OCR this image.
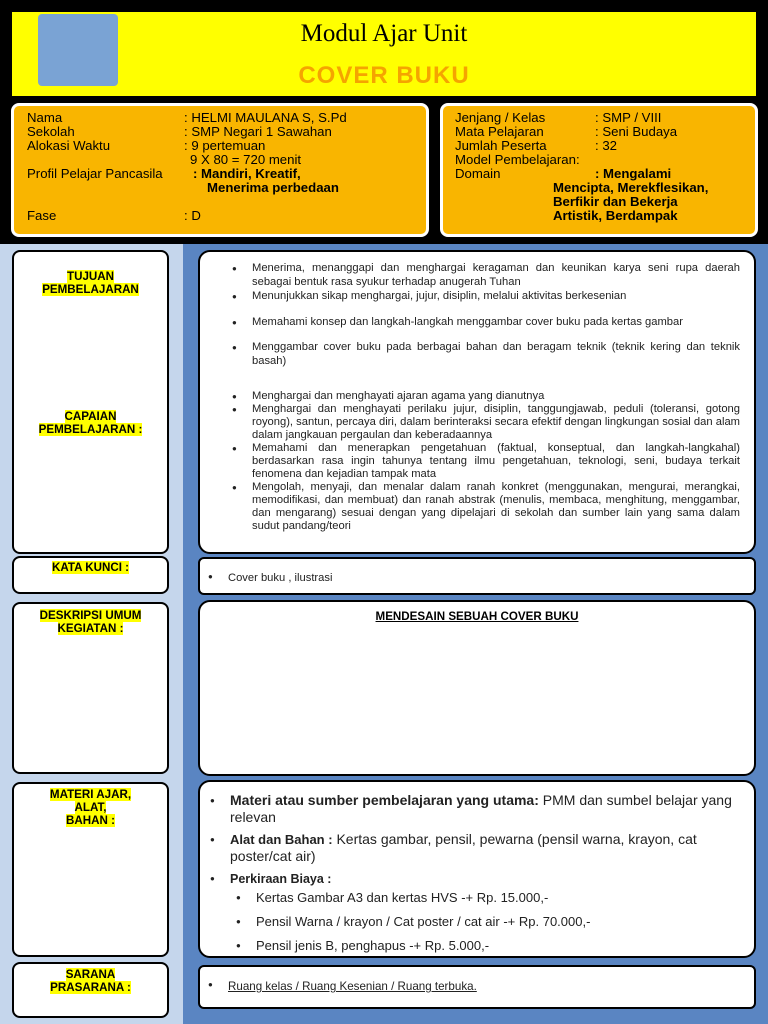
Modul Ajar Unit
COVER BUKU
Nama	: HELMI MAULANA S, S.Pd
Sekolah	: SMP Negari 1 Sawahan
Alokasi Waktu	: 9 pertemuan
9 X 80 = 720 menit
Profil Pelajar Pancasila : Mandiri, Kreatif,
Menerima perbedaan
Fase	: D
Jenjang / Kelas	: SMP / VIII
Mata Pelajaran	: Seni Budaya
Jumlah Peserta	: 32
Model Pembelajaran:
Domain	: Mengalami
Mencipta, Merekflesikan,
Berfikir dan Bekerja
Artistik, Berdampak
TUJUAN
PEMBELAJARAN
CAPAIAN
PEMBELAJARAN :
● Menerima, menanggapi dan menghargai keragaman dan keunikan karya seni rupa daerah sebagai bentuk rasa syukur terhadap anugerah Tuhan
● Menunjukkan sikap menghargai, jujur, disiplin, melalui aktivitas berkesenian
● Memahami konsep dan langkah-langkah menggambar cover buku pada kertas gambar
● Menggambar cover buku pada berbagai bahan dan beragam teknik (teknik kering dan teknik basah)
● Menghargai dan menghayati ajaran agama yang dianutnya
● Menghargai dan menghayati perilaku jujur, disiplin, tanggungjawab, peduli (toleransi, gotong royong), santun, percaya diri, dalam berinteraksi secara efektif dengan lingkungan sosial dan alam dalam jangkauan pergaulan dan keberadaannya
● Memahami dan menerapkan pengetahuan (faktual, konseptual, dan langkah-langkahal) berdasarkan rasa ingin tahunya tentang ilmu pengetahuan, teknologi, seni, budaya terkait fenomena dan kejadian tampak mata
● Mengolah, menyaji, dan menalar dalam ranah konkret (menggunakan, mengurai, merangkai, memodifikasi, dan membuat) dan ranah abstrak (menulis, membaca, menghitung, menggambar, dan mengarang) sesuai dengan yang dipelajari di sekolah dan sumber lain yang sama dalam sudut pandang/teori
KATA KUNCI :
● Cover buku , ilustrasi
DESKRIPSI UMUM
KEGIATAN :
MENDESAIN SEBUAH COVER BUKU
MATERI AJAR,
ALAT,
BAHAN :
● Materi atau sumber pembelajaran yang utama: PMM dan sumbel belajar yang relevan
● Alat dan Bahan : Kertas gambar, pensil, pewarna (pensil warna, krayon, cat poster/cat air)
● Perkiraan Biaya :
● Kertas Gambar A3 dan kertas HVS -+ Rp. 15.000,-
● Pensil Warna / krayon / Cat poster / cat air -+ Rp. 70.000,-
● Pensil jenis B, penghapus -+ Rp. 5.000,-
SARANA
PRASARANA :
●	Ruang kelas / Ruang Kesenian / Ruang terbuka.
